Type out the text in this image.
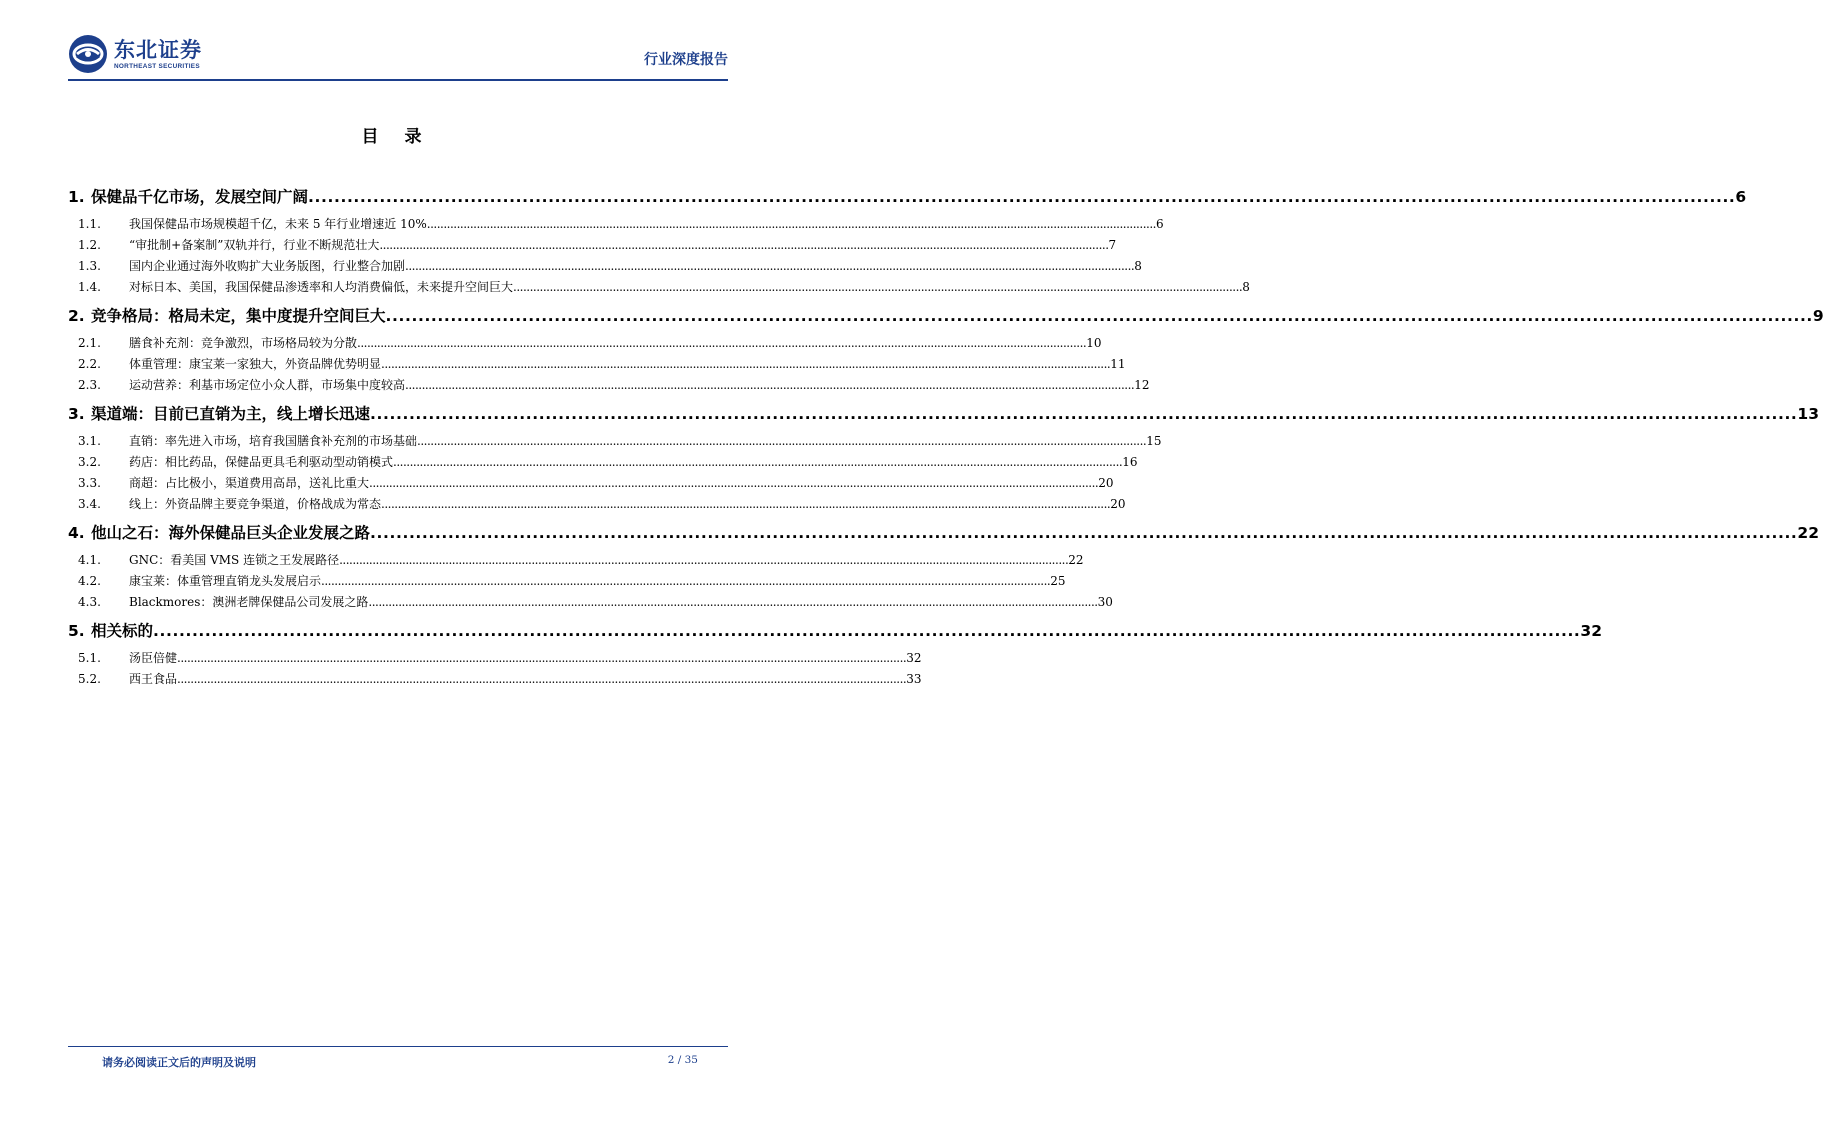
东北证券
NORTHEAST SECURITIES	行业深度报告
目 录
1. 保健品千亿市场，发展空间广阔 ............................................................................................................................................................................................................................ 6
1.1.	我国保健品市场规模超千亿，未来 5 年行业增速近 10% ............................................................................................................................................................................................................................ 6
1.2.	“审批制+备案制”双轨并行，行业不断规范壮大 ............................................................................................................................................................................................................................ 7
1.3.	国内企业通过海外收购扩大业务版图，行业整合加剧 ............................................................................................................................................................................................................................ 8
1.4.	对标日本、美国，我国保健品渗透率和人均消费偏低，未来提升空间巨大 ............................................................................................................................................................................................................................ 8
2. 竞争格局：格局未定，集中度提升空间巨大 ............................................................................................................................................................................................................................ 9
2.1.	膳食补充剂：竞争激烈，市场格局较为分散 ............................................................................................................................................................................................................................ 10
2.2.	体重管理：康宝莱一家独大，外资品牌优势明显 ............................................................................................................................................................................................................................ 11
2.3.	运动营养：利基市场定位小众人群，市场集中度较高 ............................................................................................................................................................................................................................ 12
3. 渠道端：目前已直销为主，线上增长迅速 ............................................................................................................................................................................................................................ 13
3.1.	直销：率先进入市场，培育我国膳食补充剂的市场基础 ............................................................................................................................................................................................................................ 15
3.2.	药店：相比药品，保健品更具毛利驱动型动销模式 ............................................................................................................................................................................................................................ 16
3.3.	商超：占比极小，渠道费用高昂，送礼比重大 ............................................................................................................................................................................................................................ 20
3.4.	线上：外资品牌主要竞争渠道，价格战成为常态 ............................................................................................................................................................................................................................ 20
4. 他山之石：海外保健品巨头企业发展之路 ............................................................................................................................................................................................................................ 22
4.1.	GNC：看美国 VMS 连锁之王发展路径 ............................................................................................................................................................................................................................ 22
4.2.	康宝莱：体重管理直销龙头发展启示 ............................................................................................................................................................................................................................ 25
4.3.	Blackmores：澳洲老牌保健品公司发展之路 ............................................................................................................................................................................................................................ 30
5. 相关标的 ............................................................................................................................................................................................................................ 32
5.1.	汤臣倍健 ............................................................................................................................................................................................................................ 32
5.2.	西王食品 ............................................................................................................................................................................................................................ 33
请务必阅读正文后的声明及说明	2 / 35
